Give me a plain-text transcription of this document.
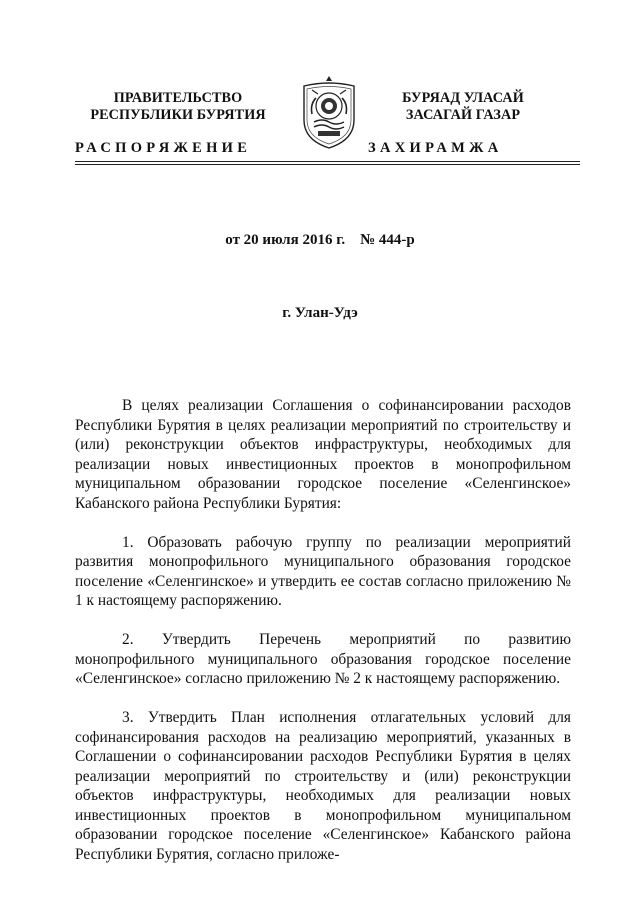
ПРАВИТЕЛЬСТВО
РЕСПУБЛИКИ БУРЯТИЯ
БУРЯАД УЛАСАЙ
ЗАСАГАЙ ГАЗАР
РАСПОРЯЖЕНИЕ	ЗАХИРАМЖА
от 20 июля 2016 г.    № 444-р
г. Улан-Удэ

В целях реализации Соглашения о софинансировании расходов Республики Бурятия в целях реализации мероприятий по строительству и (или) реконструкции объектов инфраструктуры, необходимых для реализации новых инвестиционных проектов в монопрофильном муниципальном образовании городское поселение «Селенгинское» Кабанского района Республики Бурятия:

1. Образовать рабочую группу по реализации мероприятий развития монопрофильного муниципального образования городское поселение «Селенгинское» и утвердить ее состав согласно приложению № 1 к настоящему распоряжению.

2. Утвердить Перечень мероприятий по развитию монопрофильного муниципального образования городское поселение «Селенгинское» согласно приложению № 2 к настоящему распоряжению.

3. Утвердить План исполнения отлагательных условий для софинансирования расходов на реализацию мероприятий, указанных в Соглашении о софинансировании расходов Республики Бурятия в целях реализации мероприятий по строительству и (или) реконструкции объектов инфраструктуры, необходимых для реализации новых инвестиционных проектов в монопрофильном муниципальном образовании городское поселение «Селенгинское» Кабанского района Республики Бурятия, согласно приложе-
